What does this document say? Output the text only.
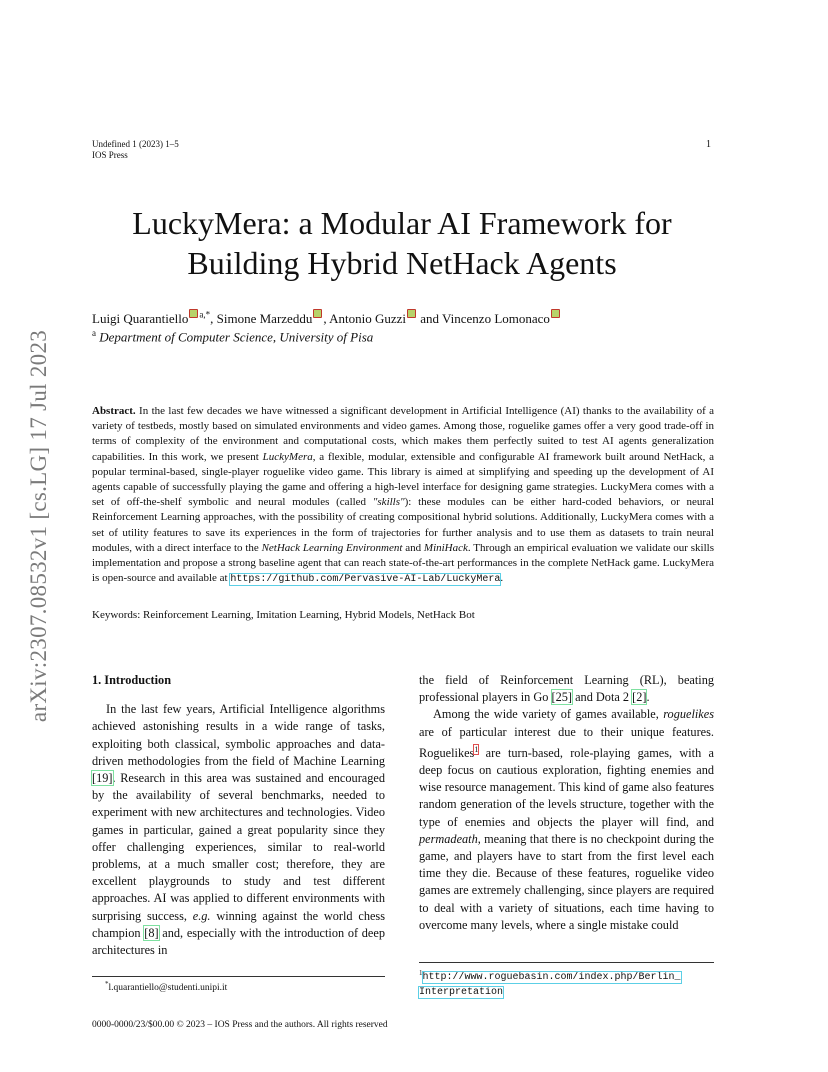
Undefined 1 (2023) 1–5
IOS Press
1
arXiv:2307.08532v1 [cs.LG] 17 Jul 2023
LuckyMera: a Modular AI Framework for
Building Hybrid NetHack Agents
Luigi Quarantiello $^{a,*}$, Simone Marzeddu , Antonio Guzzi and Vincenzo Lomonaco
$^a$ Department of Computer Science, University of Pisa
Abstract. In the last few decades we have witnessed a significant development in Artificial Intelligence (AI) thanks to the availability of a variety of testbeds, mostly based on simulated environments and video games. Among those, roguelike games offer a very good trade-off in terms of complexity of the environment and computational costs, which makes them perfectly suited to test AI agents generalization capabilities. In this work, we present LuckyMera, a flexible, modular, extensible and configurable AI framework built around NetHack, a popular terminal-based, single-player roguelike video game. This library is aimed at simplifying and speeding up the development of AI agents capable of successfully playing the game and offering a high-level interface for designing game strategies. LuckyMera comes with a set of off-the-shelf symbolic and neural modules (called "skills"): these modules can be either hard-coded behaviors, or neural Reinforcement Learning approaches, with the possibility of creating compositional hybrid solutions. Additionally, LuckyMera comes with a set of utility features to save its experiences in the form of trajectories for further analysis and to use them as datasets to train neural modules, with a direct interface to the NetHack Learning Environment and MiniHack. Through an empirical evaluation we validate our skills implementation and propose a strong baseline agent that can reach state-of-the-art performances in the complete NetHack game. LuckyMera is open-source and available at https://github.com/Pervasive-AI-Lab/LuckyMera.
Keywords: Reinforcement Learning, Imitation Learning, Hybrid Models, NetHack Bot

1. Introduction

In the last few years, Artificial Intelligence algorithms achieved astonishing results in a wide range of tasks, exploiting both classical, symbolic approaches and data-driven methodologies from the field of Machine Learning [19]. Research in this area was sustained and encouraged by the availability of several benchmarks, needed to experiment with new architectures and technologies. Video games in particular, gained a great popularity since they offer challenging experiences, similar to real-world problems, at a much smaller cost; therefore, they are excellent playgrounds to study and test different approaches. AI was applied to different environments with surprising success, e.g. winning against the world chess champion [8] and, especially with the introduction of deep architectures in

the field of Reinforcement Learning (RL), beating professional players in Go [25] and Dota 2 [2].

Among the wide variety of games available, roguelikes are of particular interest due to their unique features. Roguelikes$^1$ are turn-based, role-playing games, with a deep focus on cautious exploration, fighting enemies and wise resource management. This kind of game also features random generation of the levels structure, together with the type of enemies and objects the player will find, and permadeath, meaning that there is no checkpoint during the game, and players have to start from the first level each time they die. Because of these features, roguelike video games are extremely challenging, since players are required to deal with a variety of situations, each time having to overcome many levels, where a single mistake could

*l.quarantiello@studenti.unipi.it
$^1$http://www.roguebasin.com/index.php/Berlin_
Interpretation
0000-0000/23/$00.00 © 2023 – IOS Press and the authors. All rights reserved
